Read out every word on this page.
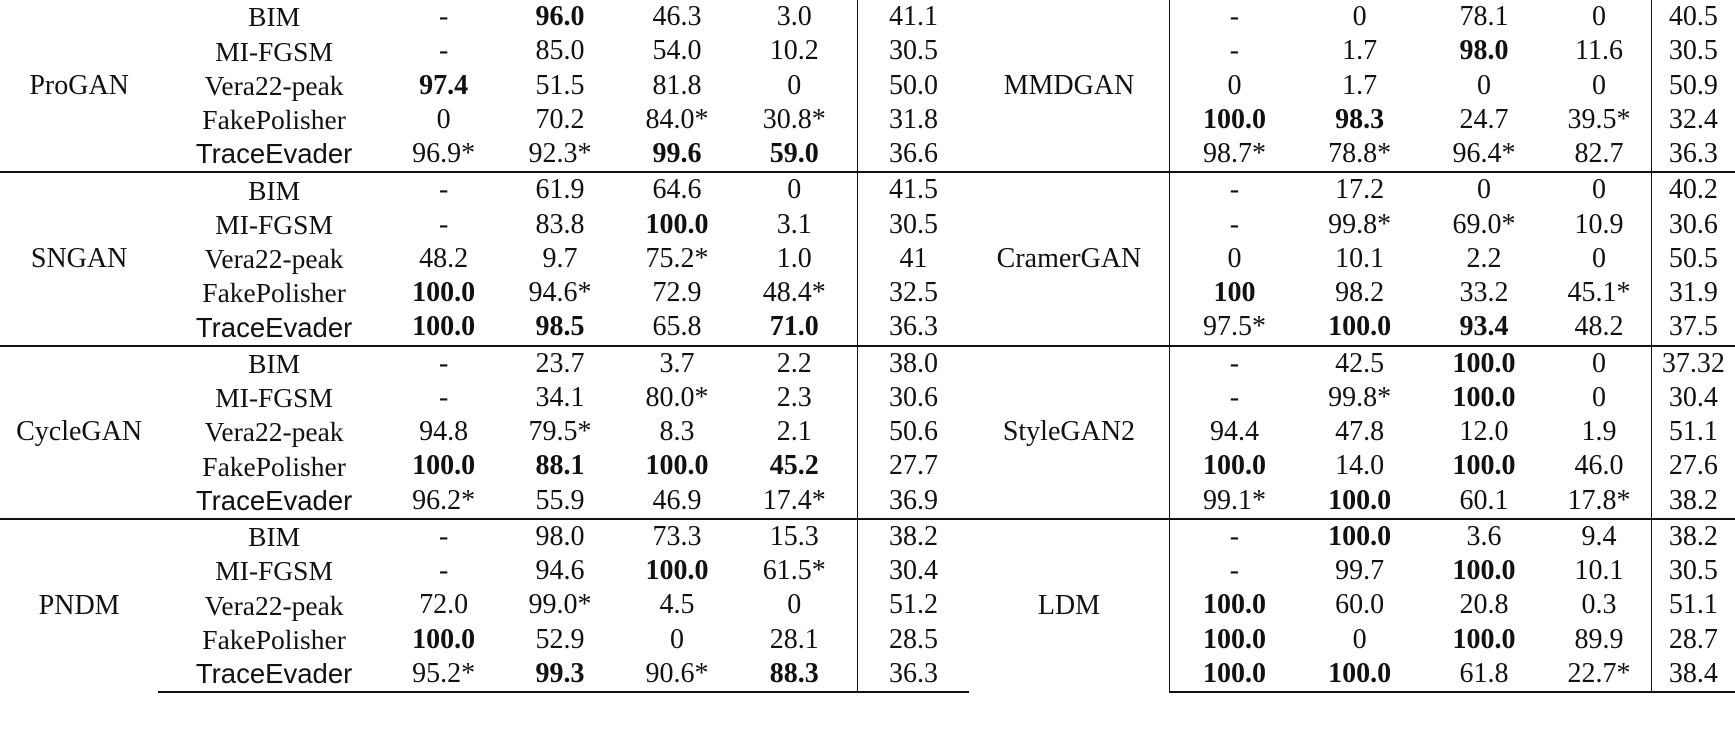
ProGAN	BIM	-	96.0	46.3	3.0	41.1	MMDGAN	-	0	78.1	0	40.5
	MI-FGSM	-	85.0	54.0	10.2	30.5		-	1.7	98.0	11.6	30.5
	Vera22-peak	97.4	51.5	81.8	0	50.0		0	1.7	0	0	50.9
	FakePolisher	0	70.2	84.0*	30.8*	31.8		100.0	98.3	24.7	39.5*	32.4
	TraceEvader	96.9*	92.3*	99.6	59.0	36.6		98.7*	78.8*	96.4*	82.7	36.3
SNGAN	BIM	-	61.9	64.6	0	41.5	CramerGAN	-	17.2	0	0	40.2
	MI-FGSM	-	83.8	100.0	3.1	30.5		-	99.8*	69.0*	10.9	30.6
	Vera22-peak	48.2	9.7	75.2*	1.0	41		0	10.1	2.2	0	50.5
	FakePolisher	100.0	94.6*	72.9	48.4*	32.5		100	98.2	33.2	45.1*	31.9
	TraceEvader	100.0	98.5	65.8	71.0	36.3		97.5*	100.0	93.4	48.2	37.5
CycleGAN	BIM	-	23.7	3.7	2.2	38.0	StyleGAN2	-	42.5	100.0	0	37.32
	MI-FGSM	-	34.1	80.0*	2.3	30.6		-	99.8*	100.0	0	30.4
	Vera22-peak	94.8	79.5*	8.3	2.1	50.6		94.4	47.8	12.0	1.9	51.1
	FakePolisher	100.0	88.1	100.0	45.2	27.7		100.0	14.0	100.0	46.0	27.6
	TraceEvader	96.2*	55.9	46.9	17.4*	36.9		99.1*	100.0	60.1	17.8*	38.2
PNDM	BIM	-	98.0	73.3	15.3	38.2	LDM	-	100.0	3.6	9.4	38.2
	MI-FGSM	-	94.6	100.0	61.5*	30.4		-	99.7	100.0	10.1	30.5
	Vera22-peak	72.0	99.0*	4.5	0	51.2		100.0	60.0	20.8	0.3	51.1
	FakePolisher	100.0	52.9	0	28.1	28.5		100.0	0	100.0	89.9	28.7
	TraceEvader	95.2*	99.3	90.6*	88.3	36.3		100.0	100.0	61.8	22.7*	38.4
